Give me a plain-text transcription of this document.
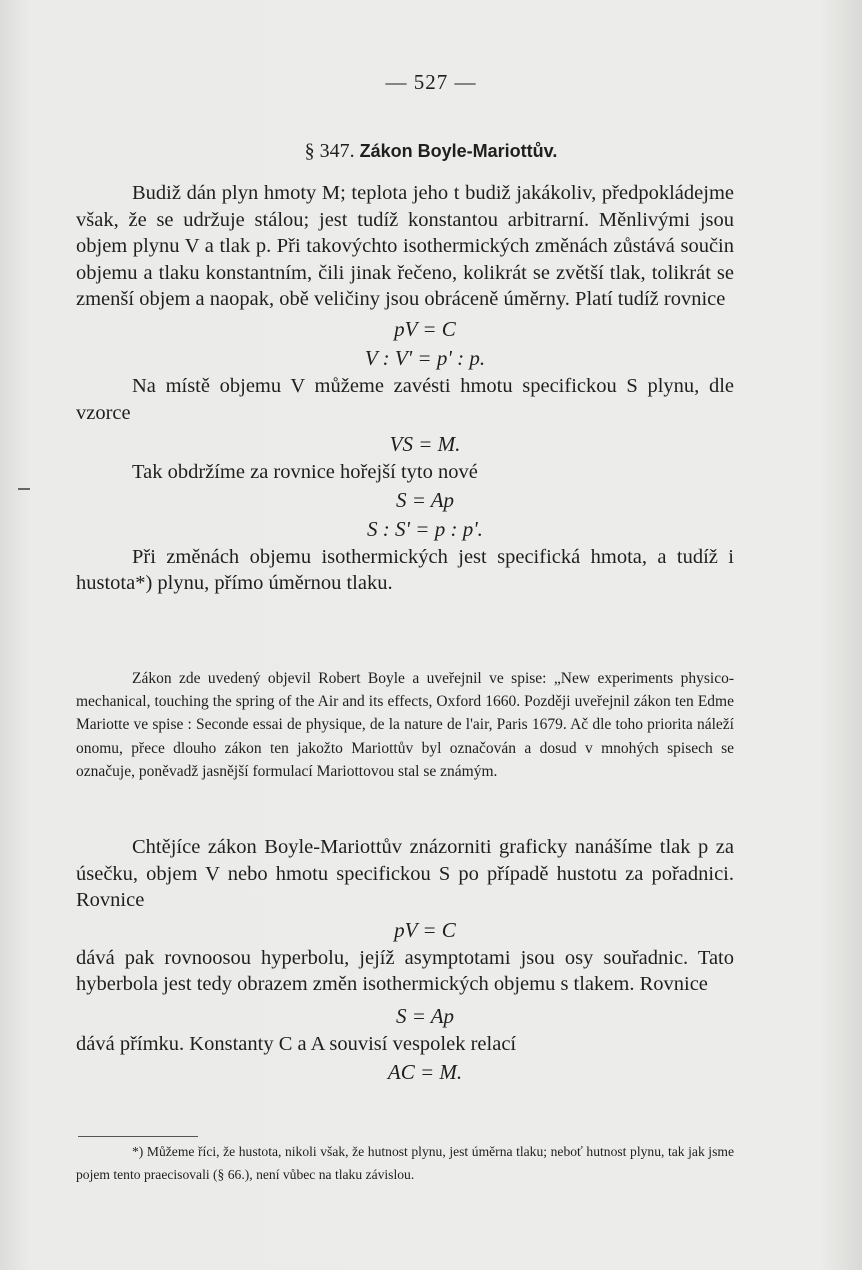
— 527 —
§ 347. Zákon Boyle-Mariottův.

Budiž dán plyn hmoty M; teplota jeho t budiž jakákoliv, předpokládejme však, že se udržuje stálou; jest tudíž konstantou arbitrarní. Měnlivými jsou objem plynu V a tlak p. Při takovýchto isothermických změnách zůstává součin objemu a tlaku konstantním, čili jinak řečeno, kolikrát se zvětší tlak, tolikrát se zmenší objem a naopak, obě veličiny jsou obráceně úměrny. Platí tudíž rovnice

pV = C
V : V' = p' : p.

Na místě objemu V můžeme zavésti hmotu specifickou S plynu, dle vzorce

VS = M.

Tak obdržíme za rovnice hořejší tyto nové

S = Ap
S : S' = p : p'.

Při změnách objemu isothermických jest specifická hmota, a tudíž i hustota*) plynu, přímo úměrnou tlaku.

Zákon zde uvedený objevil Robert Boyle a uveřejnil ve spise: „New experiments physico-mechanical, touching the spring of the Air and its effects, Oxford 1660. Později uveřejnil zákon ten Edme Mariotte ve spise : Seconde essai de physique, de la nature de l'air, Paris 1679. Ač dle toho priorita náleží onomu, přece dlouho zákon ten jakožto Mariottův byl označován a dosud v mnohých spisech se označuje, poněvadž jasnější formulací Mariottovou stal se známým.

Chtějíce zákon Boyle-Mariottův znázorniti graficky nanášíme tlak p za úsečku, objem V nebo hmotu specifickou S po případě hustotu za pořadnici. Rovnice

pV = C

dává pak rovnoosou hyperbolu, jejíž asymptotami jsou osy souřadnic. Tato hyberbola jest tedy obrazem změn isothermických objemu s tlakem. Rovnice

S = Ap

dává přímku. Konstanty C a A souvisí vespolek relací

AC = M.

*) Můžeme říci, že hustota, nikoli však, že hutnost plynu, jest úměrna tlaku; neboť hutnost plynu, tak jak jsme pojem tento praecisovali (§ 66.), není vůbec na tlaku závislou.
